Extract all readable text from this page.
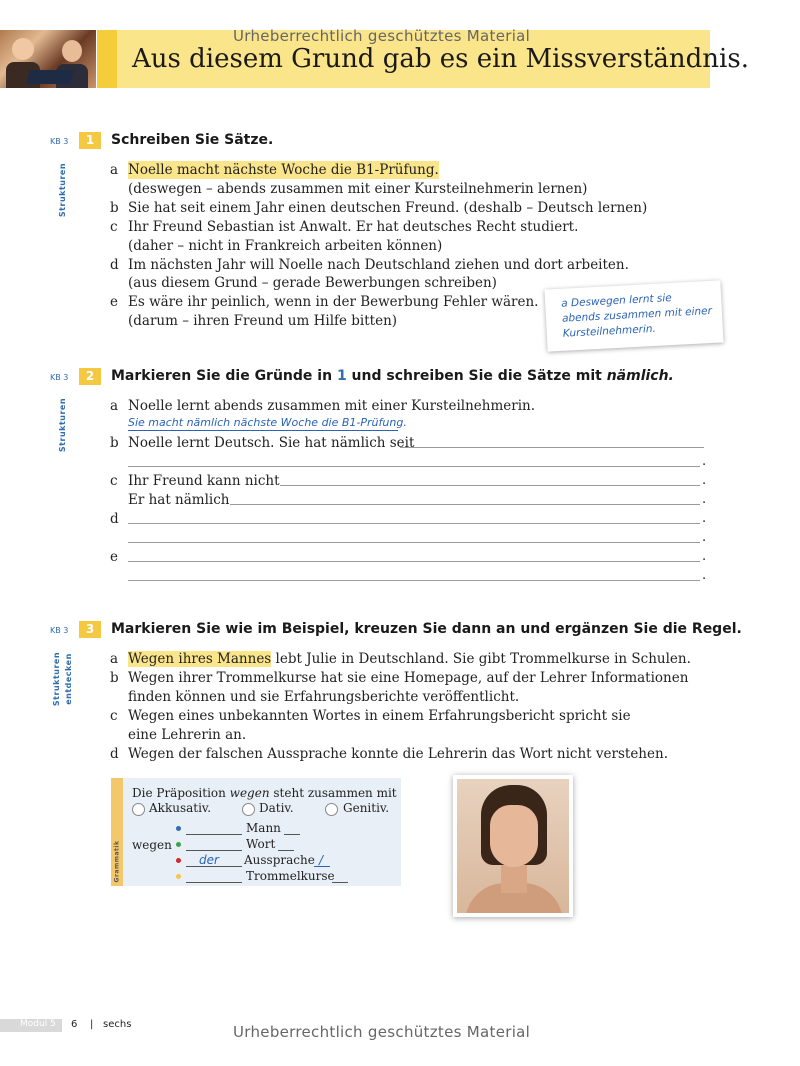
Aus diesem Grund gab es ein Missverständnis.
Urheberrechtlich geschütztes Material
KB 3	1	Schreiben Sie Sätze.
Strukturen	a Noelle macht nächste Woche die B1-Prüfung.
(deswegen – abends zusammen mit einer Kursteilnehmerin lernen)
b Sie hat seit einem Jahr einen deutschen Freund. (deshalb – Deutsch lernen)
c Ihr Freund Sebastian ist Anwalt. Er hat deutsches Recht studiert.
(daher – nicht in Frankreich arbeiten können)
d Im nächsten Jahr will Noelle nach Deutschland ziehen und dort arbeiten.
(aus diesem Grund – gerade Bewerbungen schreiben)
e Es wäre ihr peinlich, wenn in der Bewerbung Fehler wären.
(darum – ihren Freund um Hilfe bitten)
a Deswegen lernt sie
abends zusammen mit einer
Kursteilnehmerin.
KB 3	2	Markieren Sie die Gründe in 1 und schreiben Sie die Sätze mit nämlich.
Strukturen	a Noelle lernt abends zusammen mit einer Kursteilnehmerin.
Sie macht nämlich nächste Woche die B1-Prüfung.
b Noelle lernt Deutsch. Sie hat nämlich seit
.
c Ihr Freund kann nicht	.
Er hat nämlich	.
d	.
.
e	.
.
KB 3	3	Markieren Sie wie im Beispiel, kreuzen Sie dann an und ergänzen Sie die Regel.
Strukturen entdecken	a Wegen ihres Mannes lebt Julie in Deutschland. Sie gibt Trommelkurse in Schulen.
b Wegen ihrer Trommelkurse hat sie eine Homepage, auf der Lehrer Informationen
finden können und sie Erfahrungsberichte veröffentlicht.
c Wegen eines unbekannten Wortes in einem Erfahrungsbericht spricht sie
eine Lehrerin an.
d Wegen der falschen Aussprache konnte die Lehrerin das Wort nicht verstehen.
Grammatik
Die Präposition wegen steht zusammen mit
Akkusativ.	Dativ.	Genitiv.
wegen
Mann
Wort
der Aussprache /
Trommelkurse
Modul 5 6 | sechs	Urheberrechtlich geschütztes Material
